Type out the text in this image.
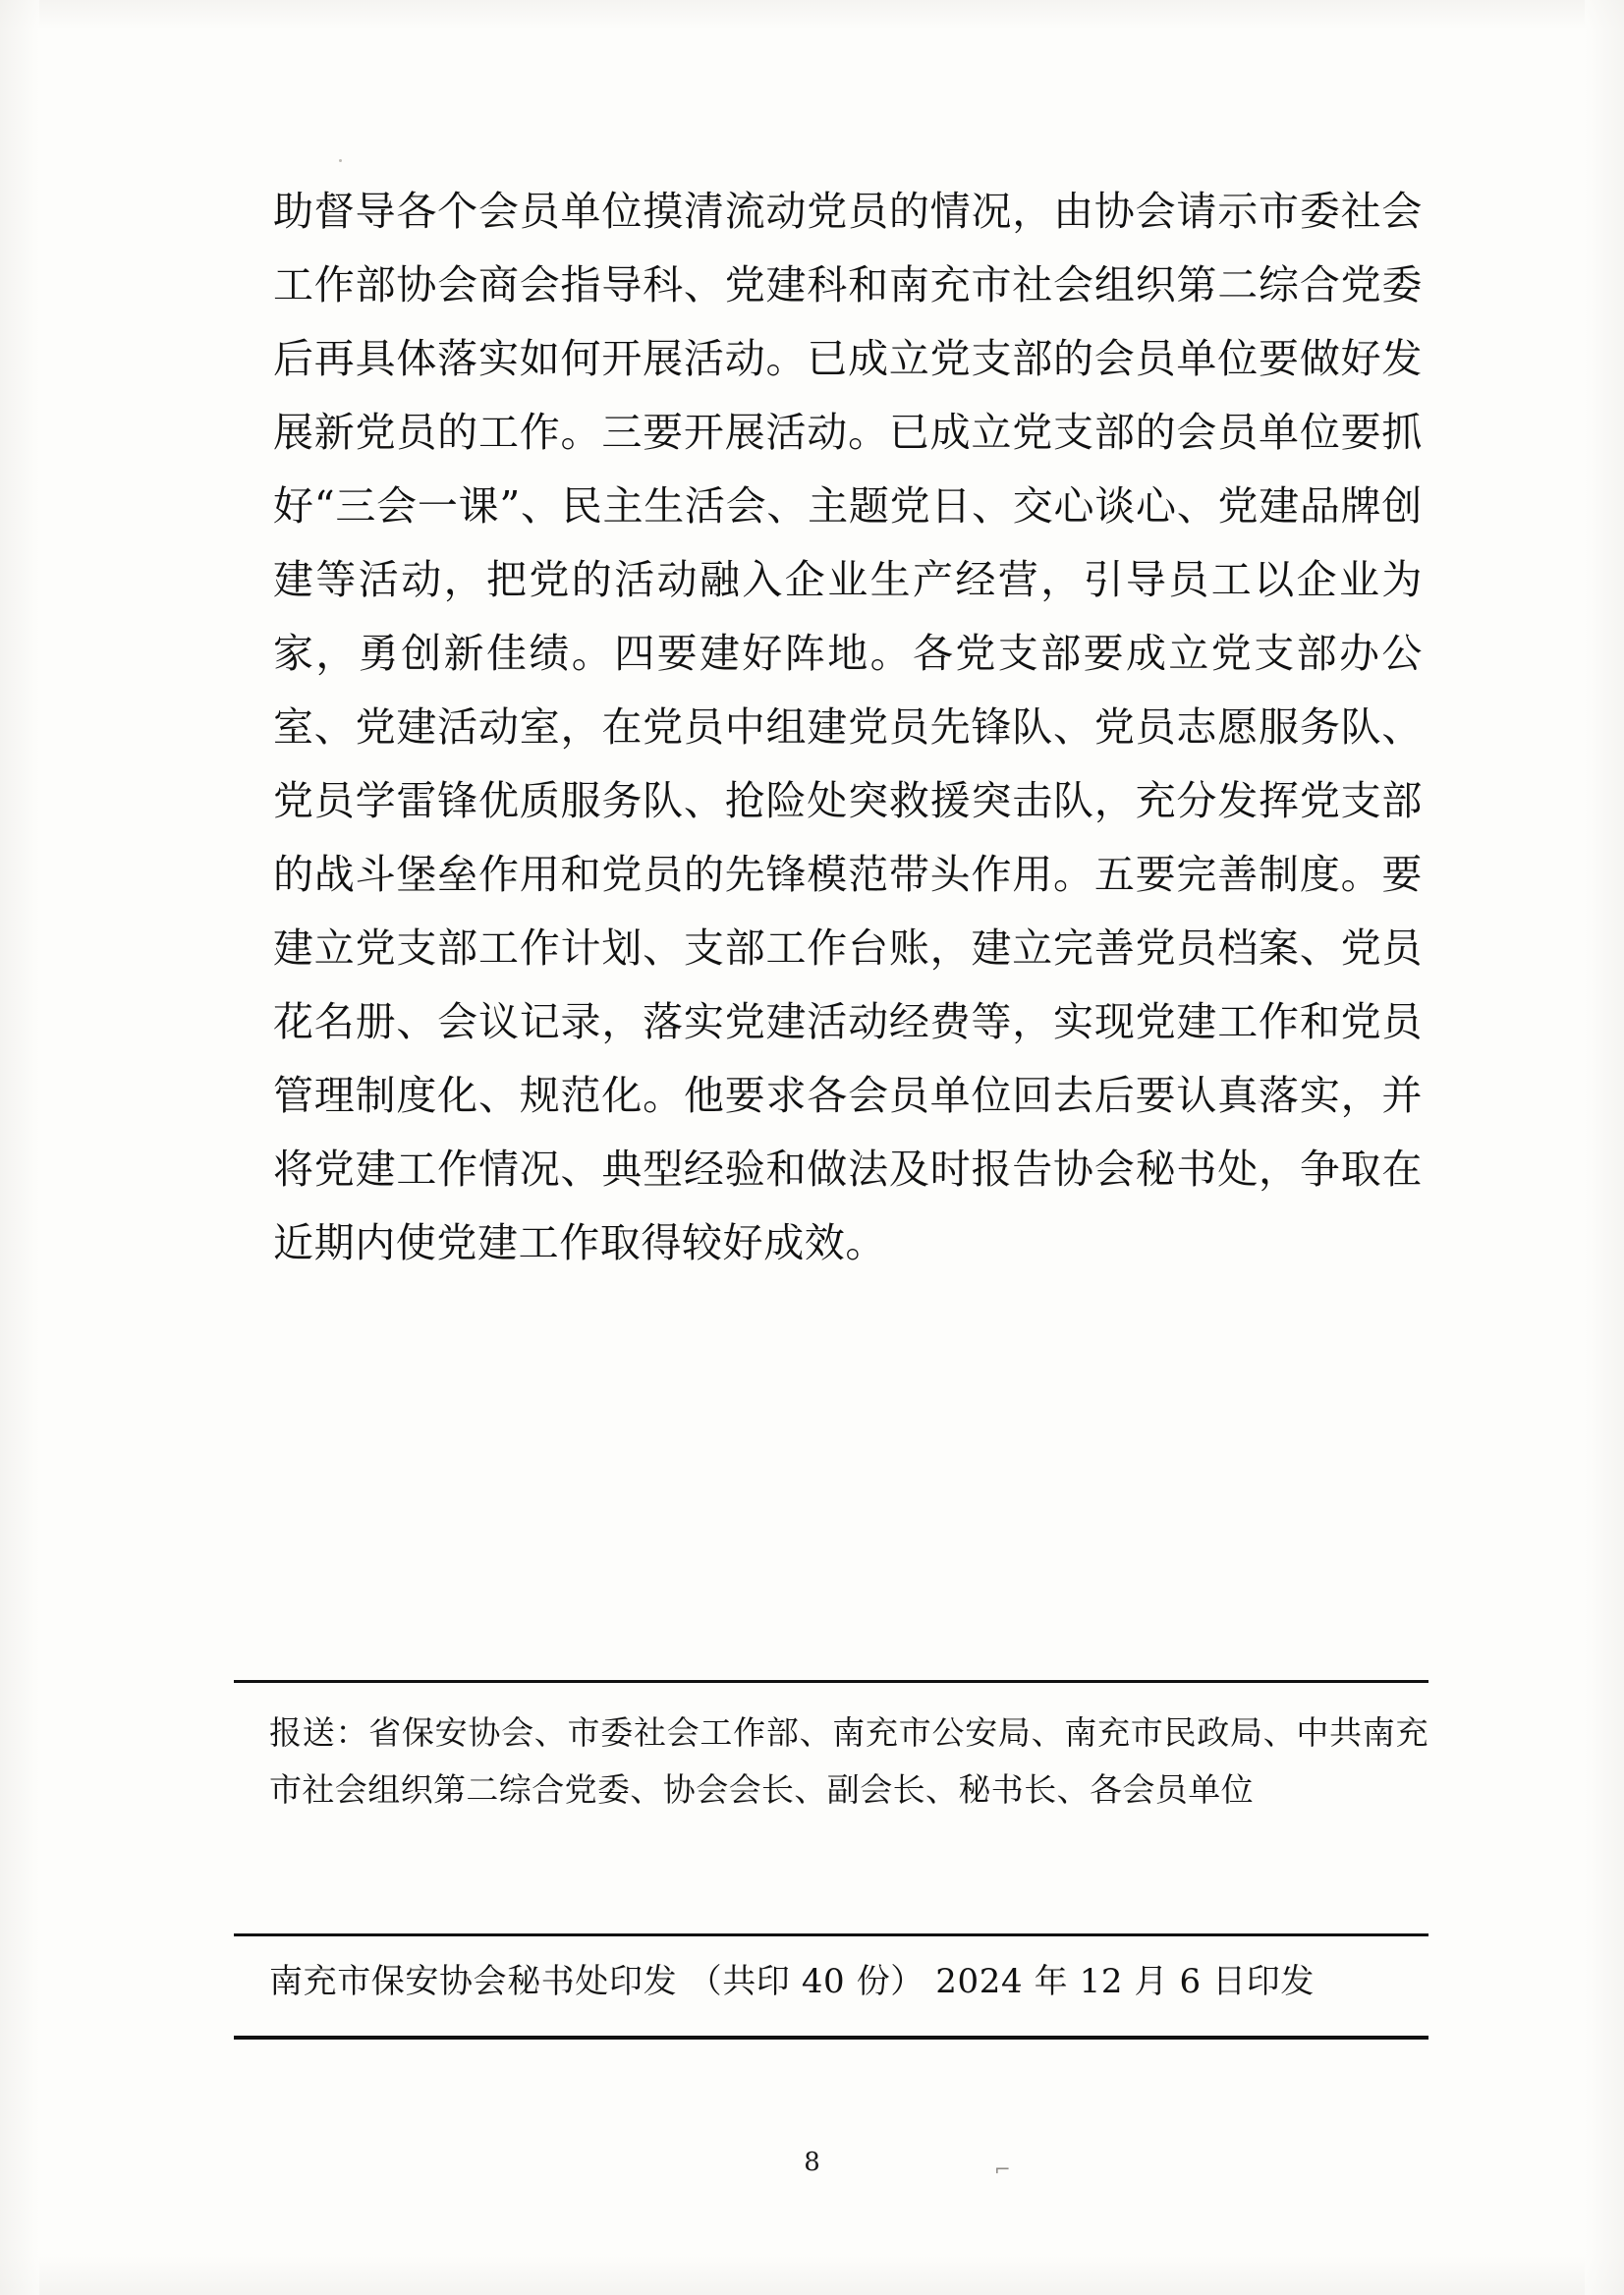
助督导各个会员单位摸清流动党员的情况，由协会请示市委社会工作部协会商会指导科、党建科和南充市社会组织第二综合党委后再具体落实如何开展活动。已成立党支部的会员单位要做好发展新党员的工作。三要开展活动。已成立党支部的会员单位要抓好“三会一课”、民主生活会、主题党日、交心谈心、党建品牌创建等活动，把党的活动融入企业生产经营，引导员工以企业为家，勇创新佳绩。四要建好阵地。各党支部要成立党支部办公室、党建活动室，在党员中组建党员先锋队、党员志愿服务队、党员学雷锋优质服务队、抢险处突救援突击队，充分发挥党支部的战斗堡垒作用和党员的先锋模范带头作用。五要完善制度。要建立党支部工作计划、支部工作台账，建立完善党员档案、党员花名册、会议记录，落实党建活动经费等，实现党建工作和党员管理制度化、规范化。他要求各会员单位回去后要认真落实，并将党建工作情况、典型经验和做法及时报告协会秘书处，争取在近期内使党建工作取得较好成效。
报送：省保安协会、市委社会工作部、南充市公安局、南充市民政局、中共南充市社会组织第二综合党委、协会会长、副会长、秘书长、各会员单位
南充市保安协会秘书处印发 （共印 40 份） 2024 年 12 月 6 日印发
8	⌐
